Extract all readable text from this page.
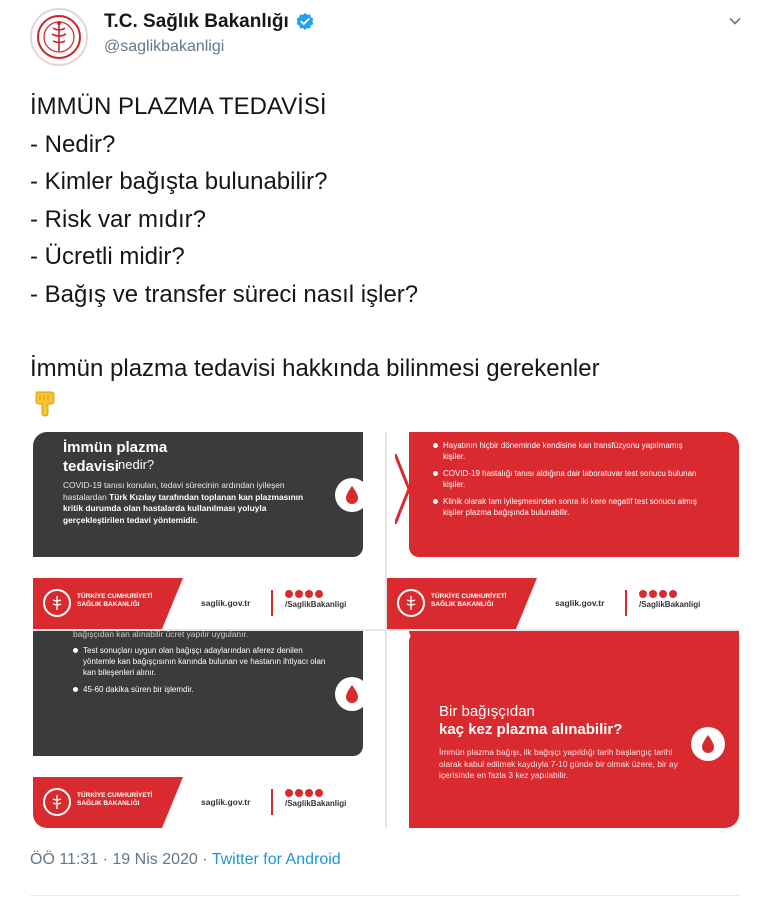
T.C. Sağlık Bakanlığı
@saglikbakanligi
İMMÜN PLAZMA TEDAVİSİ
- Nedir?
- Kimler bağışta bulunabilir?
- Risk var mıdır?
- Ücretli midir?
- Bağış ve transfer süreci nasıl işler?
İmmün plazma tedavisi hakkında bilinmesi gerekenler
İmmün plazma tedavisi nedir?
COVID-19 tanısı konulan, tedavi sürecinin ardından iyileşen hastalardan Türk Kızılay tarafından toplanan kan plazmasının kritik durumda olan hastalarda kullanılması yoluyla gerçekleştirilen tedavi yöntemidir.
TÜRKİYE CUMHURİYETİ
SAĞLIK BAKANLIĞI	saglik.gov.tr	/SaglikBakanligi
Hayatının hiçbir döneminde kendisine kan transfüzyonu yapılmamış kişiler.
COVID-19 hastalığı tanısı aldığına dair laboratuvar test sonucu bulunan kişiler.
Klinik olarak tam iyileşmesinden sonra iki kere negatif test sonucu almış kişiler plazma bağışında bulunabilir.
TÜRKİYE CUMHURİYETİ
SAĞLIK BAKANLIĞI	saglik.gov.tr	/SaglikBakanligi
bağışçıdan kan alınabilir ücret yapılır uygulanır.
Test sonuçları uygun olan bağışçı adaylarından aferez denilen yöntemle kan bağışçısının kanında bulunan ve hastanın ihtiyacı olan kan bileşenleri alınır.
45-60 dakika süren bir işlemdir.
TÜRKİYE CUMHURİYETİ
SAĞLIK BAKANLIĞI	saglik.gov.tr	/SaglikBakanligi
Bir bağışçıdan
kaç kez plazma alınabilir?
İmmün plazma bağışı, ilk bağışçı yapıldığı tarih başlangıç tarihi olarak kabul edilmek kaydıyla 7-10 günde bir olmak üzere, bir ay içerisinde en fazla 3 kez yapılabilir.
ÖÖ 11:31 · 19 Nis 2020 · Twitter for Android
